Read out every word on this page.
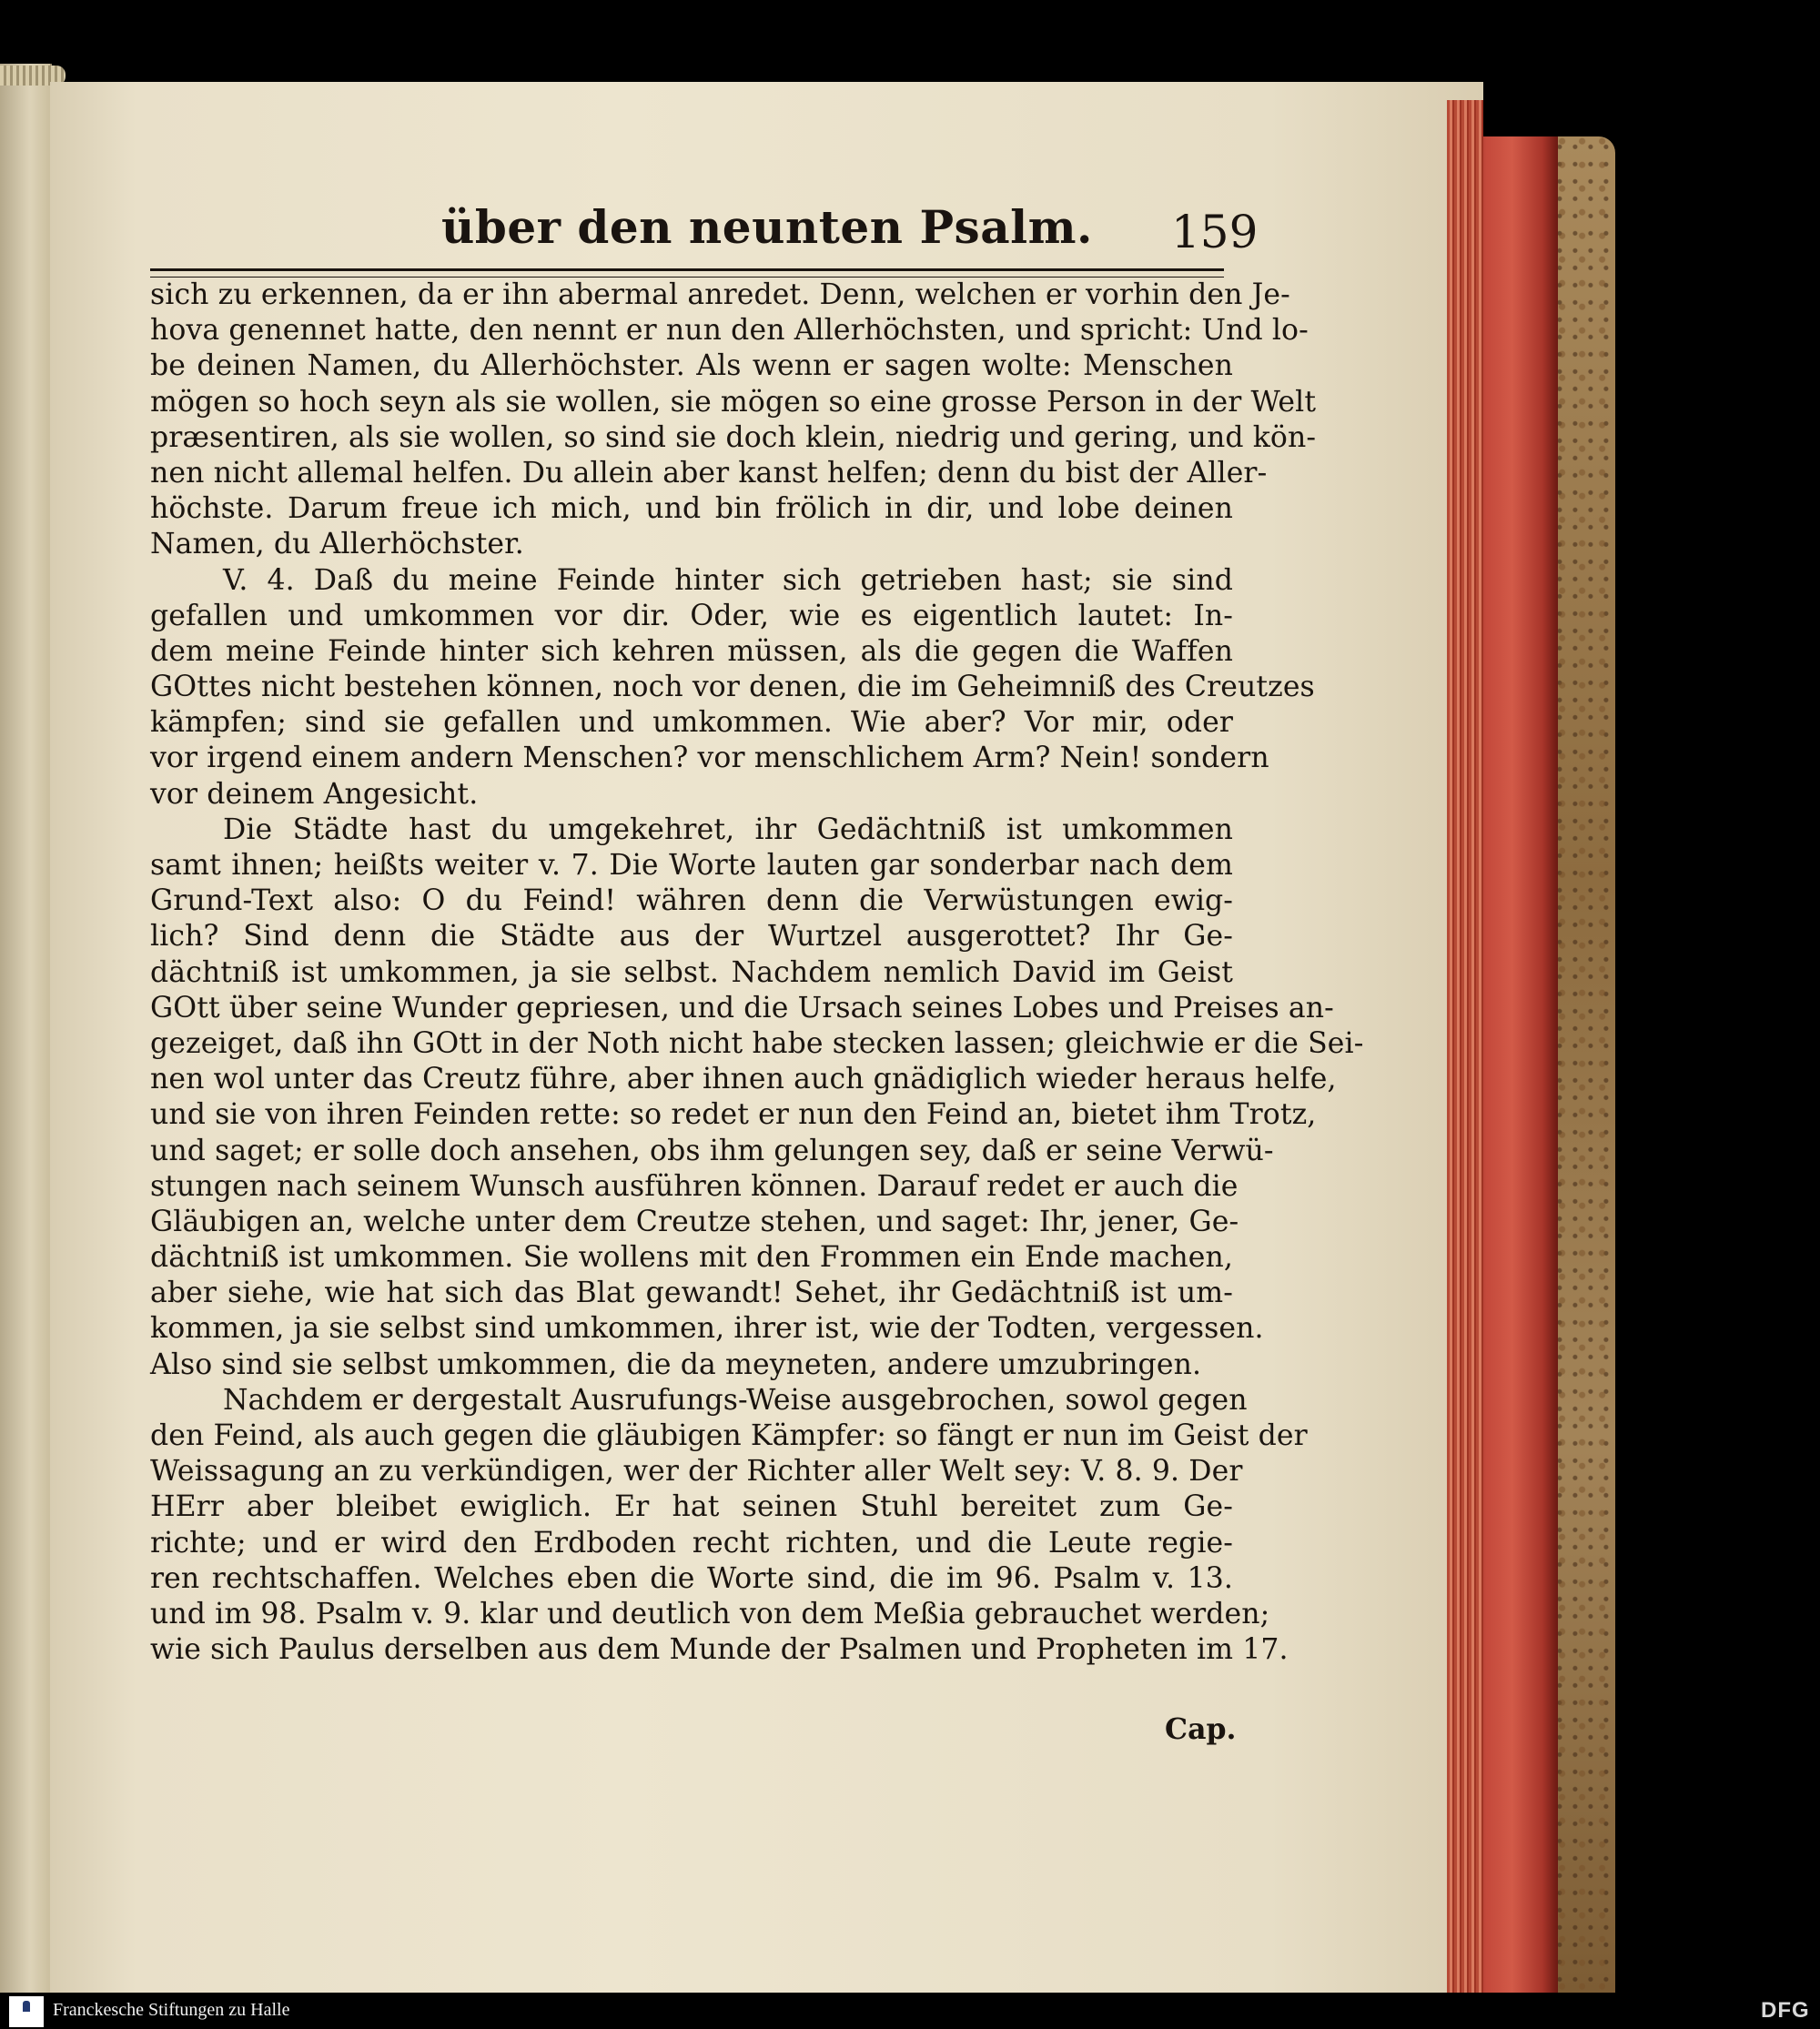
über den neunten Psalm. 159
sich zu erkennen, da er ihn abermal anredet. Denn, welchen er vorhin den Je-
hova genennet hatte, den nennt er nun den Allerhöchsten, und spricht: Und lo-
be deinen Namen, du Allerhöchster. Als wenn er sagen wolte: Menschen
mögen so hoch seyn als sie wollen, sie mögen so eine grosse Person in der Welt
præsentiren, als sie wollen, so sind sie doch klein, niedrig und gering, und kön-
nen nicht allemal helfen. Du allein aber kanst helfen; denn du bist der Aller-
höchste. Darum freue ich mich, und bin frölich in dir, und lobe deinen
Namen, du Allerhöchster.
V. 4. Daß du meine Feinde hinter sich getrieben hast; sie sind
gefallen und umkommen vor dir. Oder, wie es eigentlich lautet: In-
dem meine Feinde hinter sich kehren müssen, als die gegen die Waffen
GOttes nicht bestehen können, noch vor denen, die im Geheimniß des Creutzes
kämpfen; sind sie gefallen und umkommen. Wie aber? Vor mir, oder
vor irgend einem andern Menschen? vor menschlichem Arm? Nein! sondern
vor deinem Angesicht.
Die Städte hast du umgekehret, ihr Gedächtniß ist umkommen
samt ihnen; heißts weiter v. 7. Die Worte lauten gar sonderbar nach dem
Grund-Text also: O du Feind! währen denn die Verwüstungen ewig-
lich? Sind denn die Städte aus der Wurtzel ausgerottet? Ihr Ge-
dächtniß ist umkommen, ja sie selbst. Nachdem nemlich David im Geist
GOtt über seine Wunder gepriesen, und die Ursach seines Lobes und Preises an-
gezeiget, daß ihn GOtt in der Noth nicht habe stecken lassen; gleichwie er die Sei-
nen wol unter das Creutz führe, aber ihnen auch gnädiglich wieder heraus helfe,
und sie von ihren Feinden rette: so redet er nun den Feind an, bietet ihm Trotz,
und saget; er solle doch ansehen, obs ihm gelungen sey, daß er seine Verwü-
stungen nach seinem Wunsch ausführen können. Darauf redet er auch die
Gläubigen an, welche unter dem Creutze stehen, und saget: Ihr, jener, Ge-
dächtniß ist umkommen. Sie wollens mit den Frommen ein Ende machen,
aber siehe, wie hat sich das Blat gewandt! Sehet, ihr Gedächtniß ist um-
kommen, ja sie selbst sind umkommen, ihrer ist, wie der Todten, vergessen.
Also sind sie selbst umkommen, die da meyneten, andere umzubringen.
Nachdem er dergestalt Ausrufungs-Weise ausgebrochen, sowol gegen
den Feind, als auch gegen die gläubigen Kämpfer: so fängt er nun im Geist der
Weissagung an zu verkündigen, wer der Richter aller Welt sey: V. 8. 9. Der
HErr aber bleibet ewiglich. Er hat seinen Stuhl bereitet zum Ge-
richte; und er wird den Erdboden recht richten, und die Leute regie-
ren rechtschaffen. Welches eben die Worte sind, die im 96. Psalm v. 13.
und im 98. Psalm v. 9. klar und deutlich von dem Meßia gebrauchet werden;
wie sich Paulus derselben aus dem Munde der Psalmen und Propheten im 17.
Cap.
Franckesche Stiftungen zu Halle	DFG
